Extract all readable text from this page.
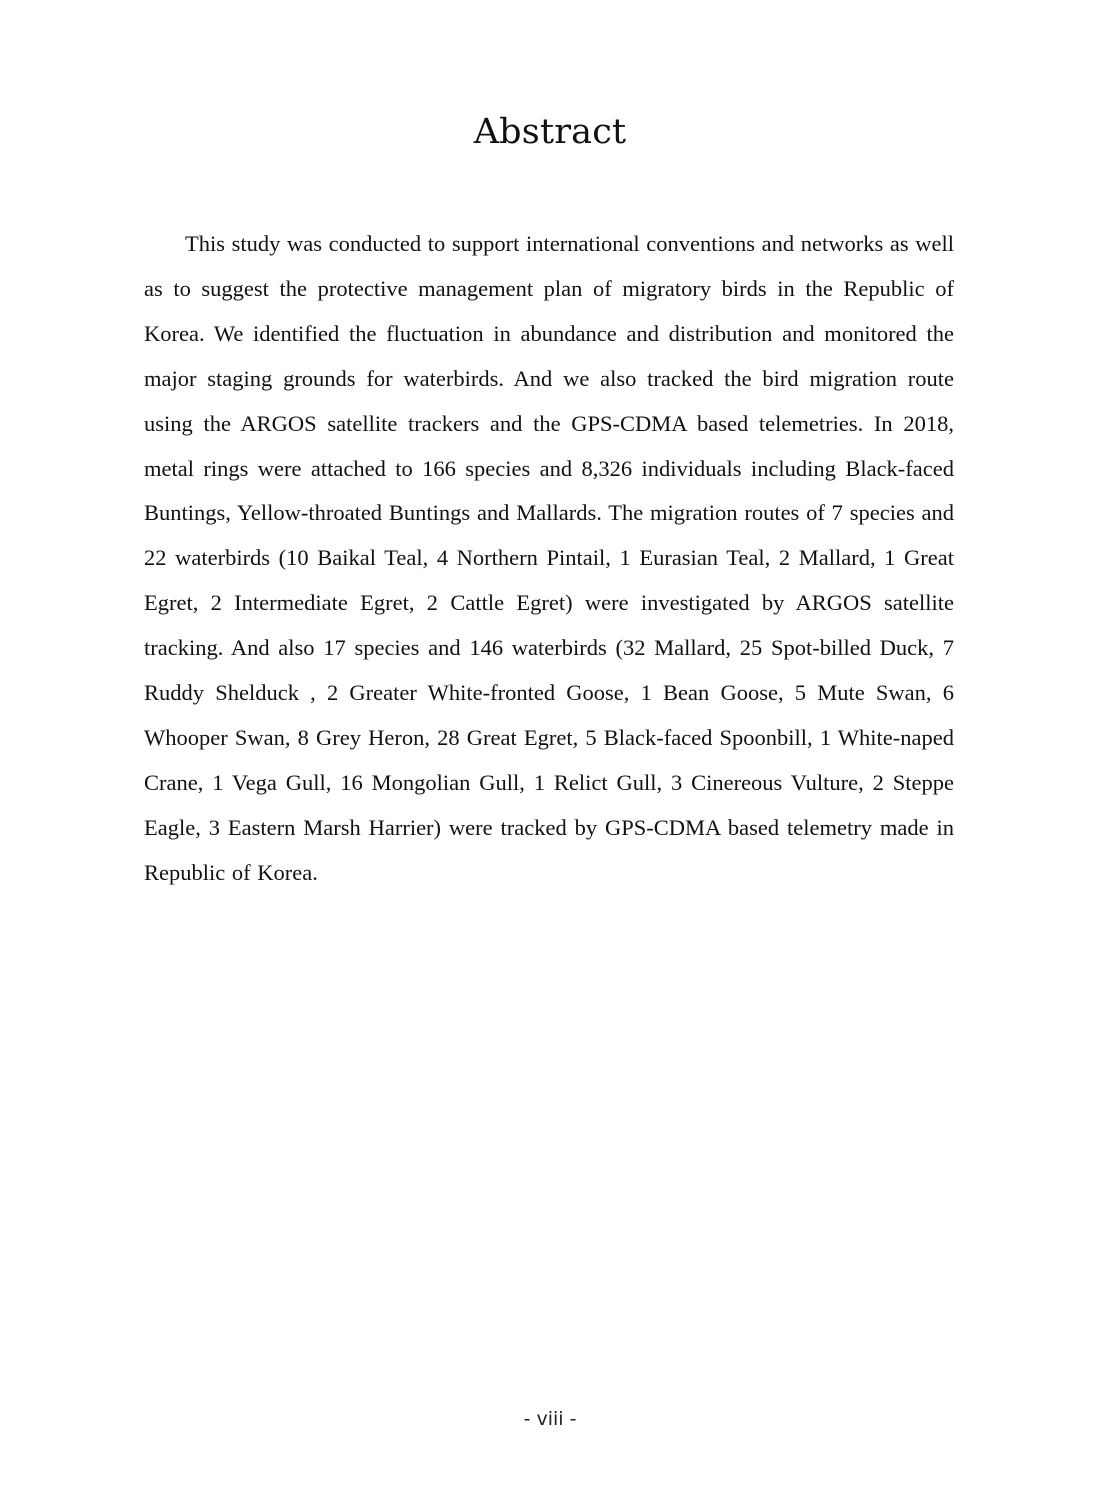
Abstract

This study was conducted to support international conventions and networks as well as to suggest the protective management plan of migratory birds in the Republic of Korea. We identified the fluctuation in abundance and distribution and monitored the major staging grounds for waterbirds. And we also tracked the bird migration route using the ARGOS satellite trackers and the GPS-CDMA based telemetries. In 2018, metal rings were attached to 166 species and 8,326 individuals including Black-faced Buntings, Yellow-throated Buntings and Mallards. The migration routes of 7 species and 22 waterbirds (10 Baikal Teal, 4 Northern Pintail, 1 Eurasian Teal, 2 Mallard, 1 Great Egret, 2 Intermediate Egret, 2 Cattle Egret) were investigated by ARGOS satellite tracking. And also 17 species and 146 waterbirds (32 Mallard, 25 Spot-billed Duck, 7 Ruddy Shelduck , 2 Greater White-fronted Goose, 1 Bean Goose, 5 Mute Swan, 6 Whooper Swan, 8 Grey Heron, 28 Great Egret, 5 Black-faced Spoonbill, 1 White-naped Crane, 1 Vega Gull, 16 Mongolian Gull, 1 Relict Gull, 3 Cinereous Vulture, 2 Steppe Eagle, 3 Eastern Marsh Harrier) were tracked by GPS-CDMA based telemetry made in Republic of Korea.

- viii -
